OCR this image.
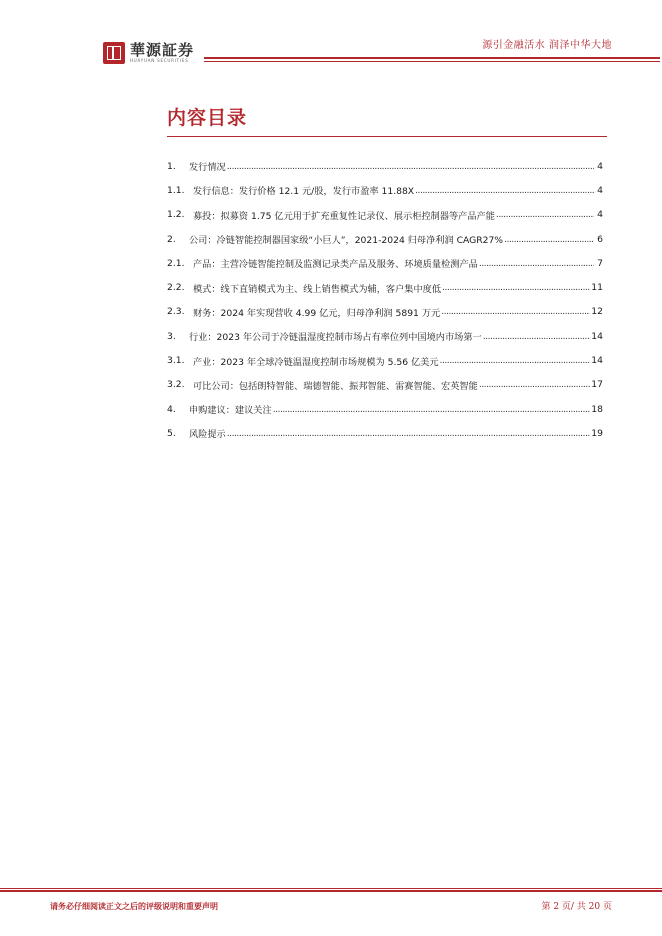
華源証券
HUAYUAN SECURITIES
源引金融活水 润泽中华大地
内容目录
1.	发行情况 .....	4
1.1. 发行信息：发行价格 12.1 元/股，发行市盈率 11.88X .....	4
1.2. 募投：拟募资 1.75 亿元用于扩充重复性记录仪、展示柜控制器等产品产能 .....	4
2.	公司：冷链智能控制器国家级“小巨人”，2021-2024 归母净利润 CAGR27% .....	6
2.1. 产品：主营冷链智能控制及监测记录类产品及服务、环境质量检测产品 .....	7
2.2. 模式：线下直销模式为主、线上销售模式为辅，客户集中度低 .....	11
2.3. 财务：2024 年实现营收 4.99 亿元，归母净利润 5891 万元 .....	12
3.	行业：2023 年公司于冷链温湿度控制市场占有率位列中国境内市场第一 .....	14
3.1. 产业：2023 年全球冷链温湿度控制市场规模为 5.56 亿美元 .....	14
3.2. 可比公司：包括朗特智能、瑞德智能、振邦智能、雷赛智能、宏英智能 .....	17
4.	申购建议：建议关注 .....	18
5.	风险提示 .....	19
请务必仔细阅读正文之后的评级说明和重要声明	第 2 页/ 共 20 页
